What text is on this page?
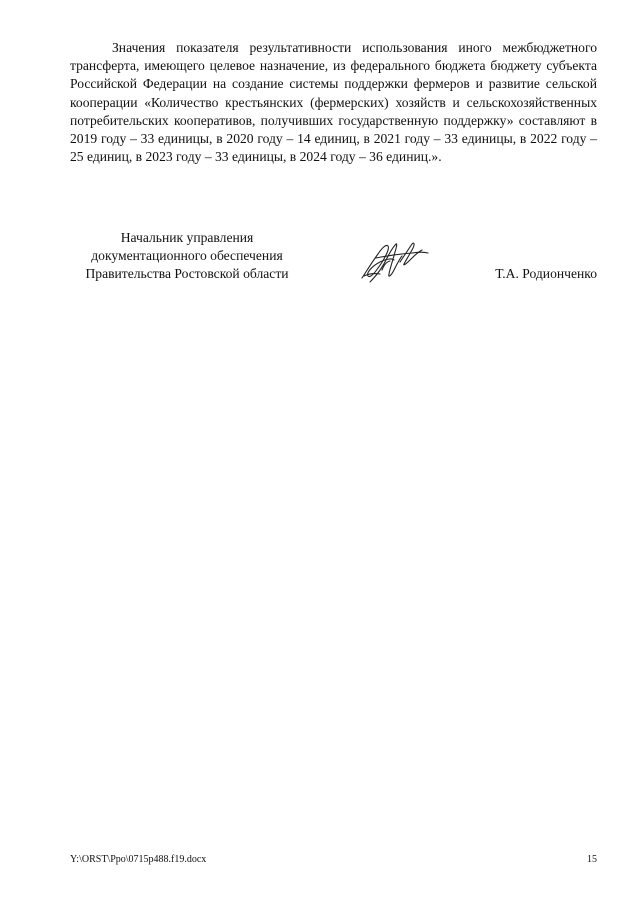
Значения показателя результативности использования иного межбюджетного трансферта, имеющего целевое назначение, из федерального бюджета бюджету субъекта Российской Федерации на создание системы поддержки фермеров и развитие сельской кооперации «Количество крестьянских (фермерских) хозяйств и сельскохозяйственных потребительских кооперативов, получивших государственную поддержку» составляют в 2019 году – 33 единицы, в 2020 году – 14 единиц, в 2021 году – 33 единицы, в 2022 году – 25 единиц, в 2023 году – 33 единицы, в 2024 году – 36 единиц.».

Начальник управления
документационного обеспечения
Правительства Ростовской области	Т.А. Родионченко
Y:\ORST\Ppo\0715p488.f19.docx	15
